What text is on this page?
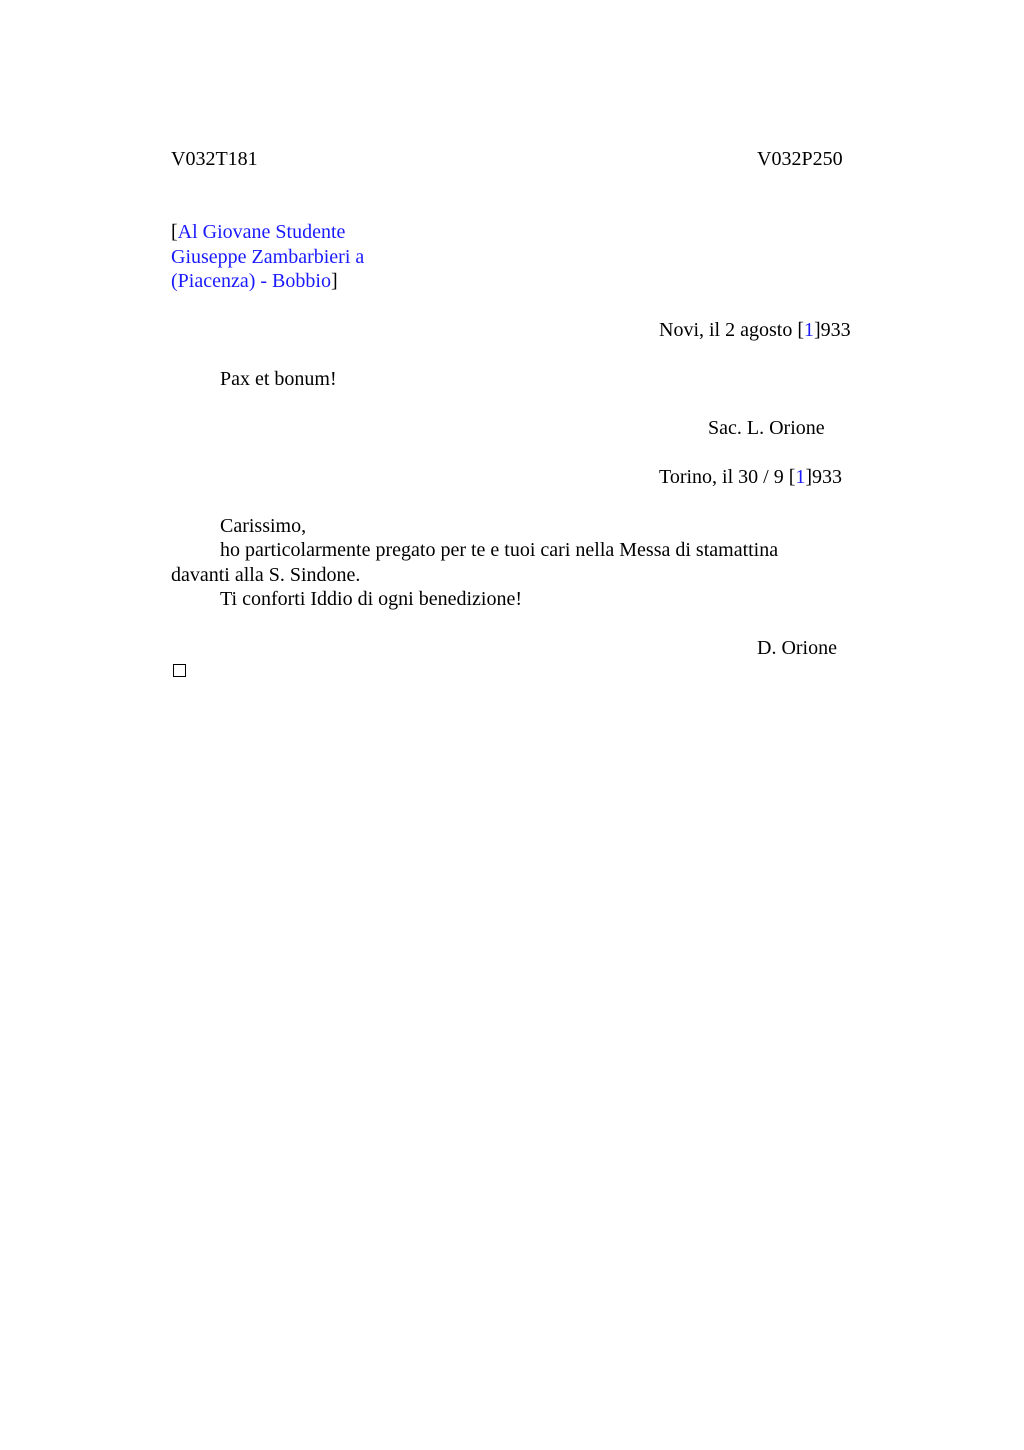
V032T181	V032P250
[Al Giovane Studente
Giuseppe Zambarbieri a
(Piacenza) - Bobbio]
Novi, il 2 agosto [1]933
Pax et bonum!
Sac. L. Orione
Torino, il 30 / 9 [1]933
Carissimo,
ho particolarmente pregato per te e tuoi cari nella Messa di stamattina
davanti alla S. Sindone.
Ti conforti Iddio di ogni benedizione!
D. Orione
